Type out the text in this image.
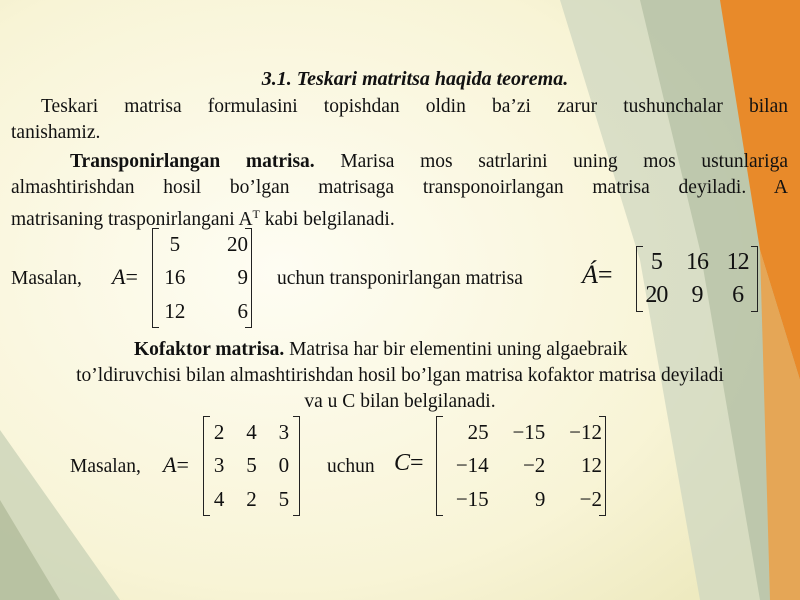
3.1. Teskari matritsa haqida teorema.
Teskari matrisa formulasini topishdan oldin ba’zi zarur tushunchalar bilan
tanishamiz.
Transponirlangan matrisa. Marisa mos satrlarini uning mos ustunlariga
almashtirishdan hosil bo’lgan matrisaga transponoirlangan matrisa deyiladi. A
matrisaning trasponirlangani $A^T$ kabi belgilanadi.
Masalan, A=
5	20
16	9
12	6
uchun transponirlangan matrisa Á= 5	16	12
20	9	6
Kofaktor matrisa. Matrisa har bir elementini uning algaebraik
to’ldiruvchisi bilan almashtirishdan hosil bo’lgan matrisa kofaktor matrisa deyiladi
va u C bilan belgilanadi.
Masalan, A=
2	4	3
3	5	0
4	2	5
uchun C=
25	−15	−12
−14	−2	12
−15	9	−2
